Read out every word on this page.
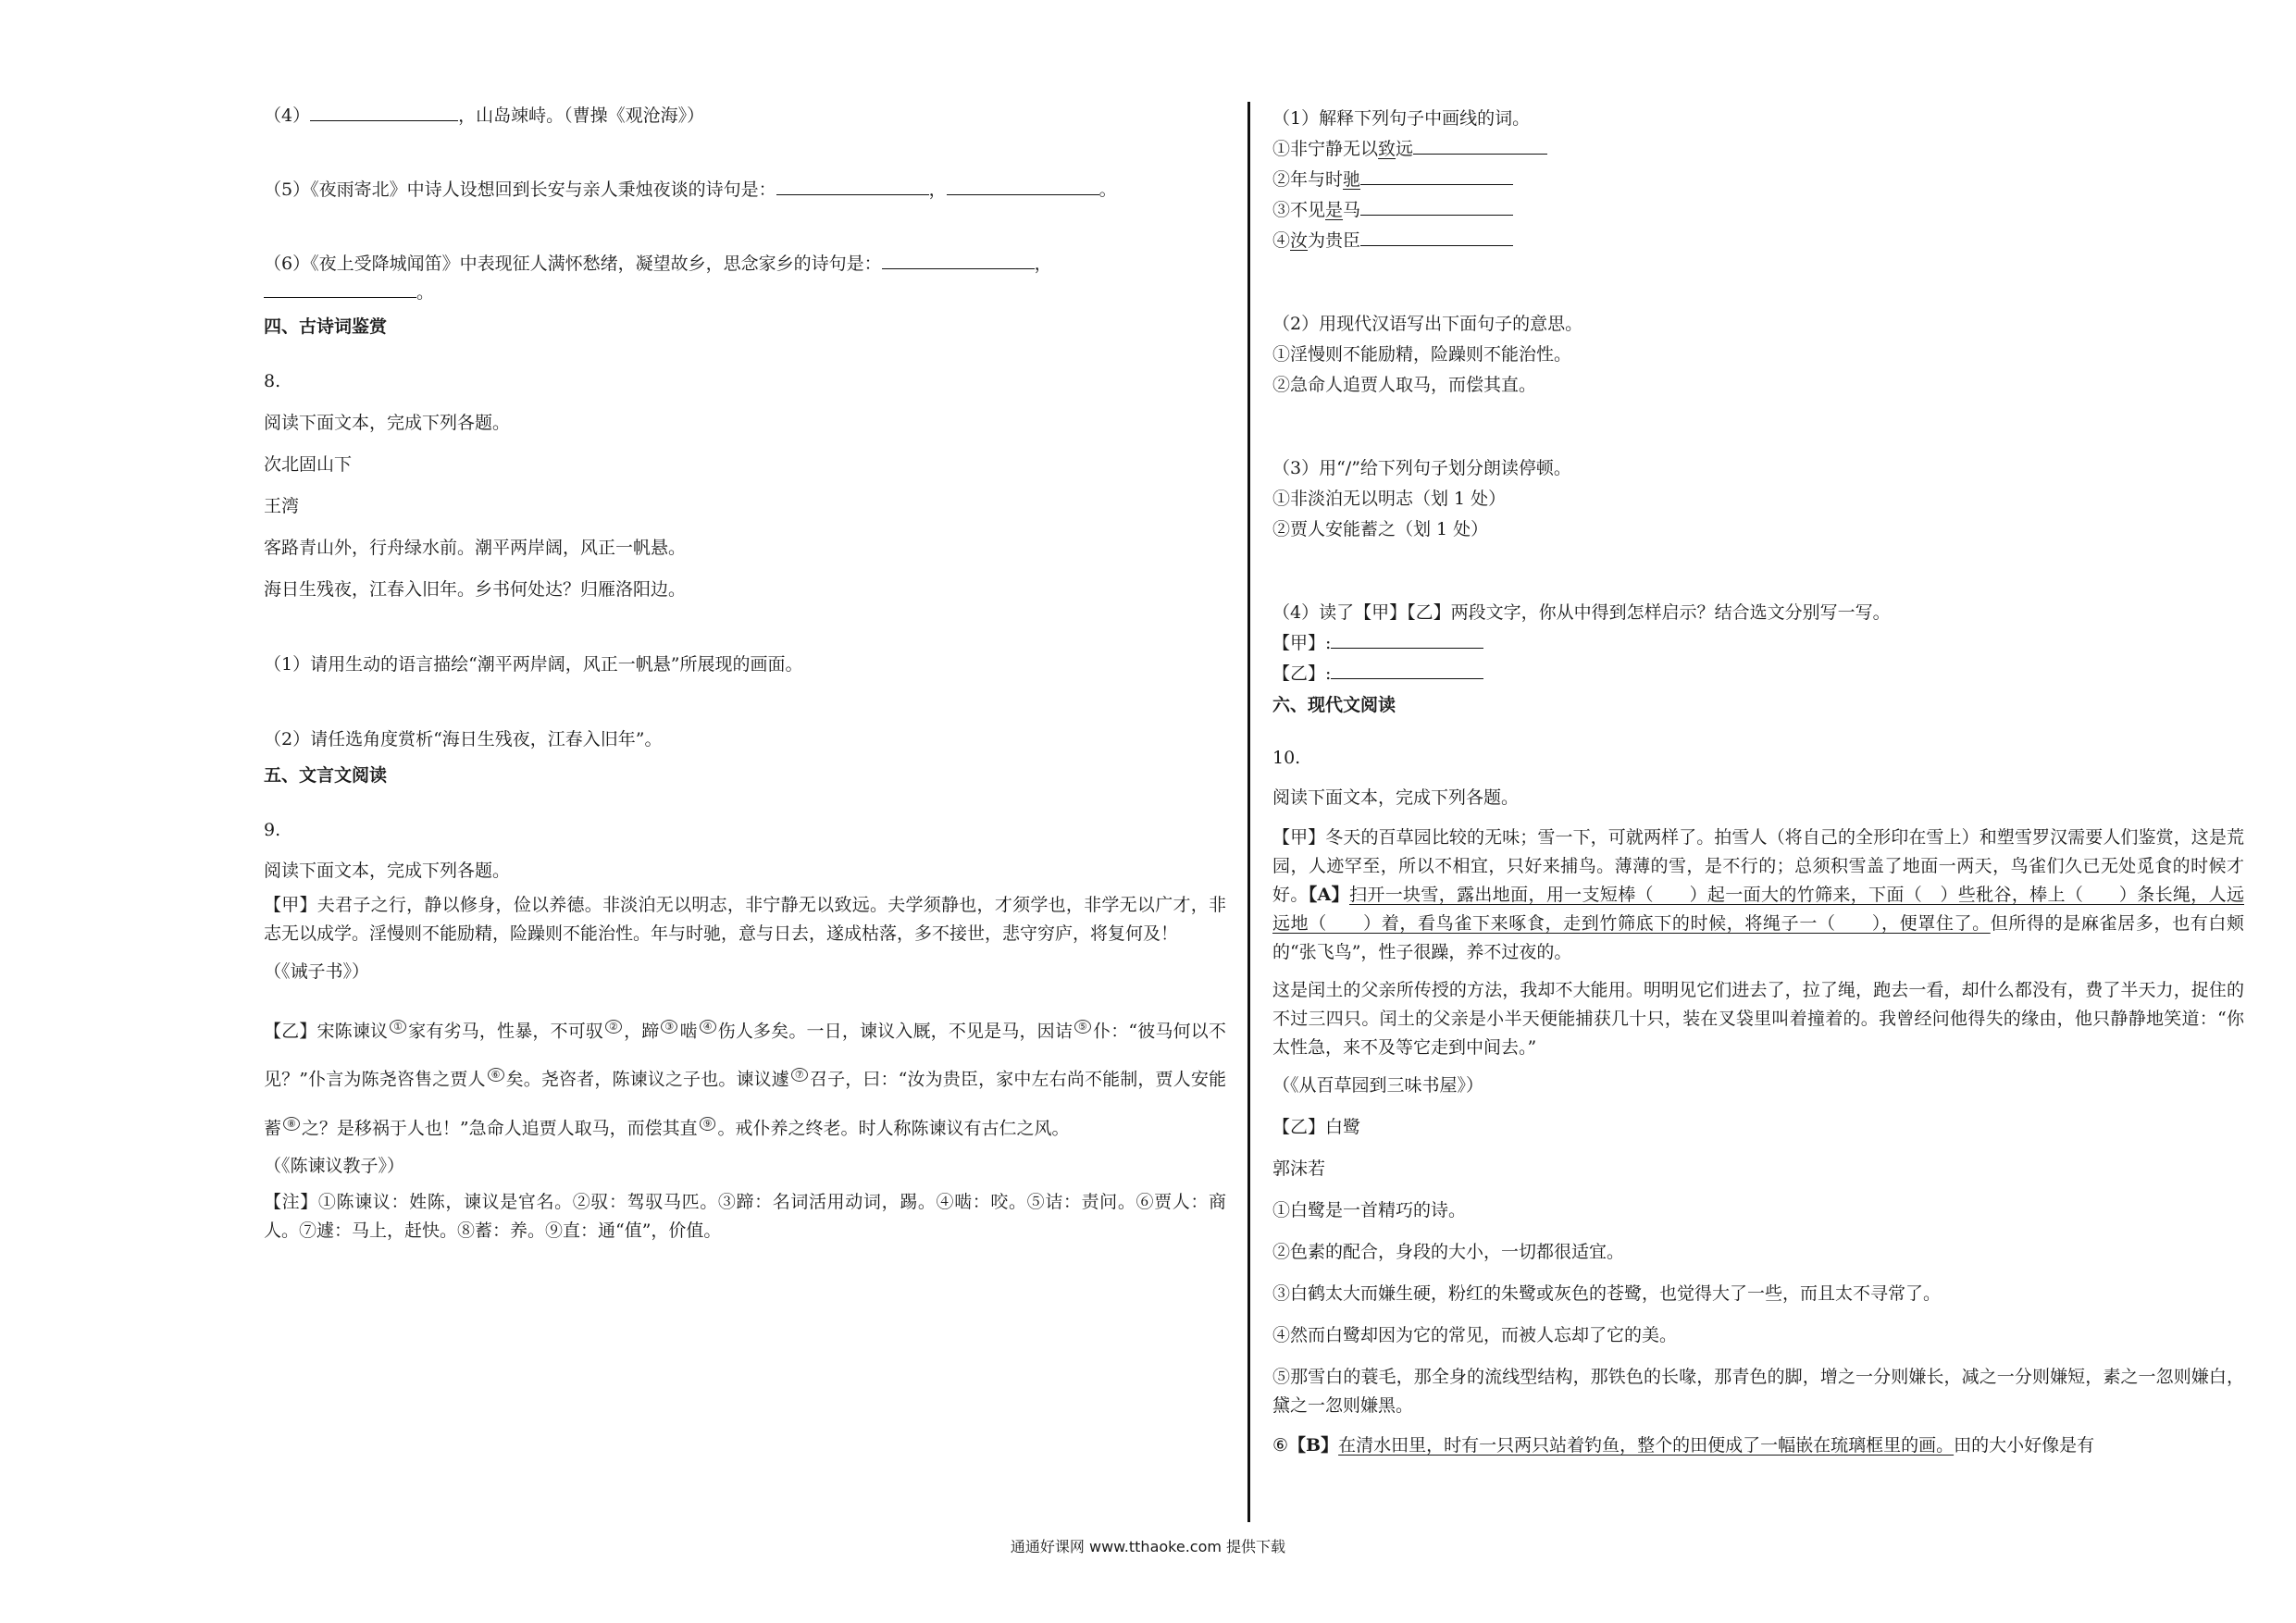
（4）	，山岛竦峙。（曹操《观沧海》）

（5）《夜雨寄北》中诗人设想回到长安与亲人秉烛夜谈的诗句是：	，	。

（6）《夜上受降城闻笛》中表现征人满怀愁绪，凝望故乡，思念家乡的诗句是：	，
。

四、古诗词鉴赏

8.

阅读下面文本，完成下列各题。

次北固山下

王湾

客路青山外，行舟绿水前。潮平两岸阔，风正一帆悬。

海日生残夜，江春入旧年。乡书何处达？归雁洛阳边。

（1）请用生动的语言描绘“潮平两岸阔，风正一帆悬”所展现的画面。

（2）请任选角度赏析“海日生残夜，江春入旧年”。

五、文言文阅读

9.

阅读下面文本，完成下列各题。

【甲】夫君子之行，静以修身，俭以养德。非淡泊无以明志，非宁静无以致远。夫学须静也，才须学也，非学无以广才，非志无以成学。淫慢则不能励精，险躁则不能治性。年与时驰，意与日去，遂成枯落，多不接世，悲守穷庐，将复何及！

（《诫子书》）

【乙】宋陈谏议 ① 家有劣马，性暴，不可驭 ② ，蹄 ③ 啮 ④ 伤人多矣。一日，谏议入厩，不见是马，因诘 ⑤ 仆：“彼马何以不见？”仆言为陈尧咨售之贾人 ⑥ 矣。尧咨者，陈谏议之子也。谏议遽 ⑦ 召子，曰：“汝为贵臣，家中左右尚不能制，贾人安能蓄 ⑧ 之？是移祸于人也！”急命人追贾人取马，而偿其直 ⑨ 。戒仆养之终老。时人称陈谏议有古仁之风。

（《陈谏议教子》）

【注】①陈谏议：姓陈，谏议是官名。②驭：驾驭马匹。③蹄：名词活用动词，踢。④啮：咬。⑤诘：责问。⑥贾人：商人。⑦遽：马上，赶快。⑧蓄：养。⑨直：通“值”，价值。

（1）解释下列句子中画线的词。

①非宁静无以致远

②年与时驰

③不见是马

④汝为贵臣

（2）用现代汉语写出下面句子的意思。

①淫慢则不能励精，险躁则不能治性。

②急命人追贾人取马，而偿其直。

（3）用“/”给下列句子划分朗读停顿。

①非淡泊无以明志（划 1 处）

②贾人安能蓄之（划 1 处）

（4）读了【甲】【乙】两段文字，你从中得到怎样启示？结合选文分别写一写。

【甲】:

【乙】:

六、现代文阅读

10.

阅读下面文本，完成下列各题。

【甲】冬天的百草园比较的无味；雪一下，可就两样了。拍雪人（将自己的全形印在雪上）和塑雪罗汉需要人们鉴赏，这是荒园，人迹罕至，所以不相宜，只好来捕鸟。薄薄的雪，是不行的；总须积雪盖了地面一两天，鸟雀们久已无处觅食的时候才好。【A】扫开一块雪，露出地面，用一支短棒（　　）起一面大的竹筛来，下面（　）些秕谷，棒上（　　）条长绳，人远远地（　　）着，看鸟雀下来啄食，走到竹筛底下的时候，将绳子一（　　），便罩住了。但所得的是麻雀居多，也有白颊的“张飞鸟”，性子很躁，养不过夜的。

这是闰土的父亲所传授的方法，我却不大能用。明明见它们进去了，拉了绳，跑去一看，却什么都没有，费了半天力，捉住的不过三四只。闰土的父亲是小半天便能捕获几十只，装在叉袋里叫着撞着的。我曾经问他得失的缘由，他只静静地笑道：“你太性急，来不及等它走到中间去。”

（《从百草园到三味书屋》）

【乙】白鹭

郭沫若

①白鹭是一首精巧的诗。

②色素的配合，身段的大小，一切都很适宜。

③白鹤太大而嫌生硬，粉红的朱鹭或灰色的苍鹭，也觉得大了一些，而且太不寻常了。

④然而白鹭却因为它的常见，而被人忘却了它的美。

⑤那雪白的蓑毛，那全身的流线型结构，那铁色的长喙，那青色的脚，增之一分则嫌长，减之一分则嫌短，素之一忽则嫌白，黛之一忽则嫌黑。

⑥【B】在清水田里，时有一只两只站着钓鱼，整个的田便成了一幅嵌在琉璃框里的画。田的大小好像是有

通通好课网 www.tthaoke.com 提供下载
